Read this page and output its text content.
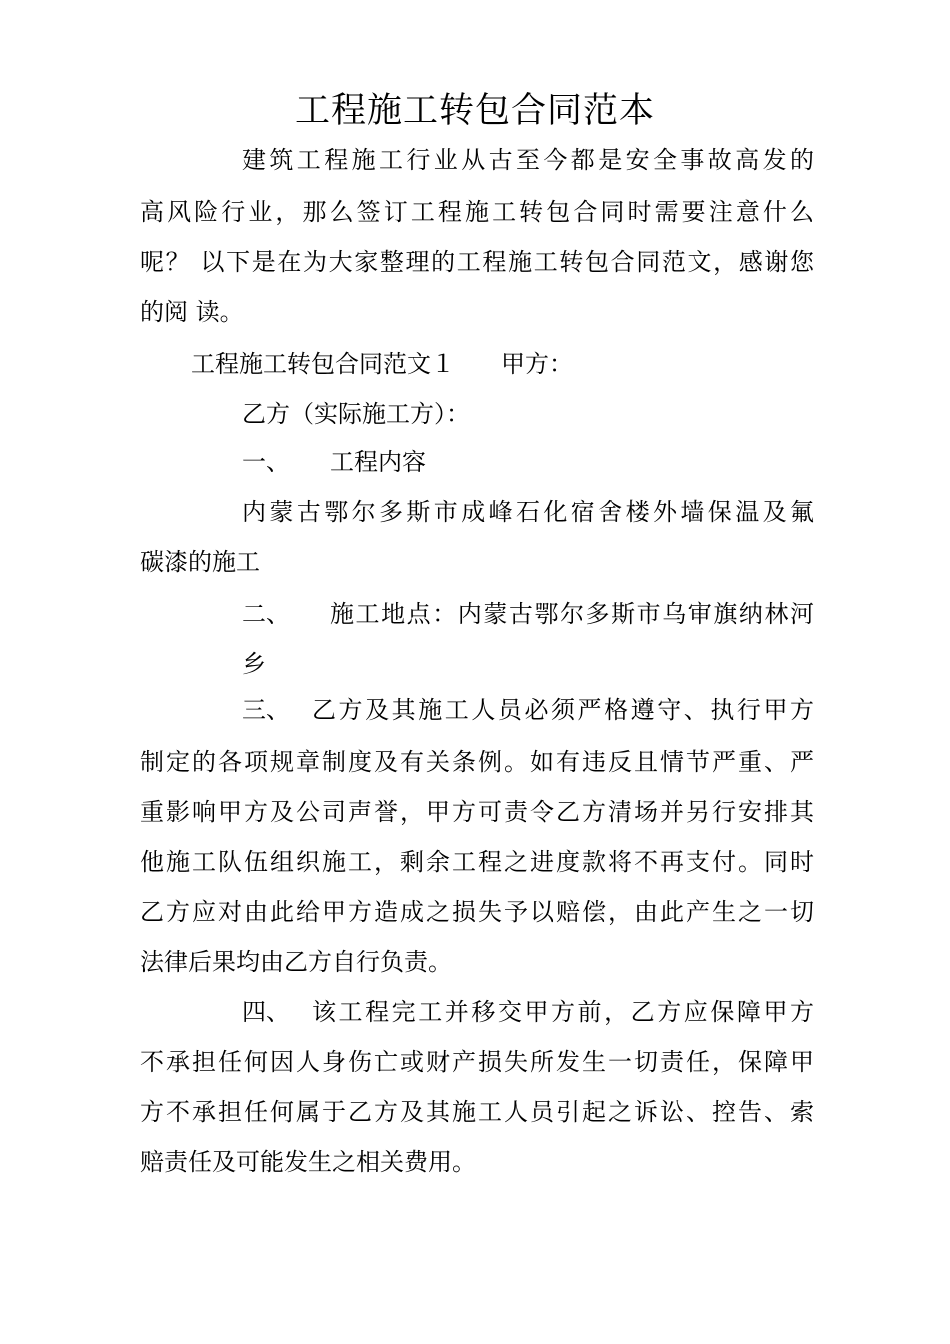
工程施工转包合同范本
建筑工程施工行业从古至今都是安全事故高发的
高风险行业，那么签订工程施工转包合同时需要注意什么
呢？ 以下是在为大家整理的工程施工转包合同范文，感谢您
的阅 读。
工程施工转包合同范文１ 甲方：
乙方（实际施工方）：
一、 工程内容
内蒙古鄂尔多斯市成峰石化宿舍楼外墙保温及氟
碳漆的施工
二、 施工地点：内蒙古鄂尔多斯市乌审旗纳林河
乡
三、 乙方及其施工人员必须严格遵守、执行甲方
制定的各项规章制度及有关条例。如有违反且情节严重、严
重影响甲方及公司声誉，甲方可责令乙方清场并另行安排其
他施工队伍组织施工，剩余工程之进度款将不再支付。同时
乙方应对由此给甲方造成之损失予以赔偿，由此产生之一切
法律后果均由乙方自行负责。
四、 该工程完工并移交甲方前，乙方应保障甲方
不承担任何因人身伤亡或财产损失所发生一切责任，保障甲
方不承担任何属于乙方及其施工人员引起之诉讼、控告、索
赔责任及可能发生之相关费用。
